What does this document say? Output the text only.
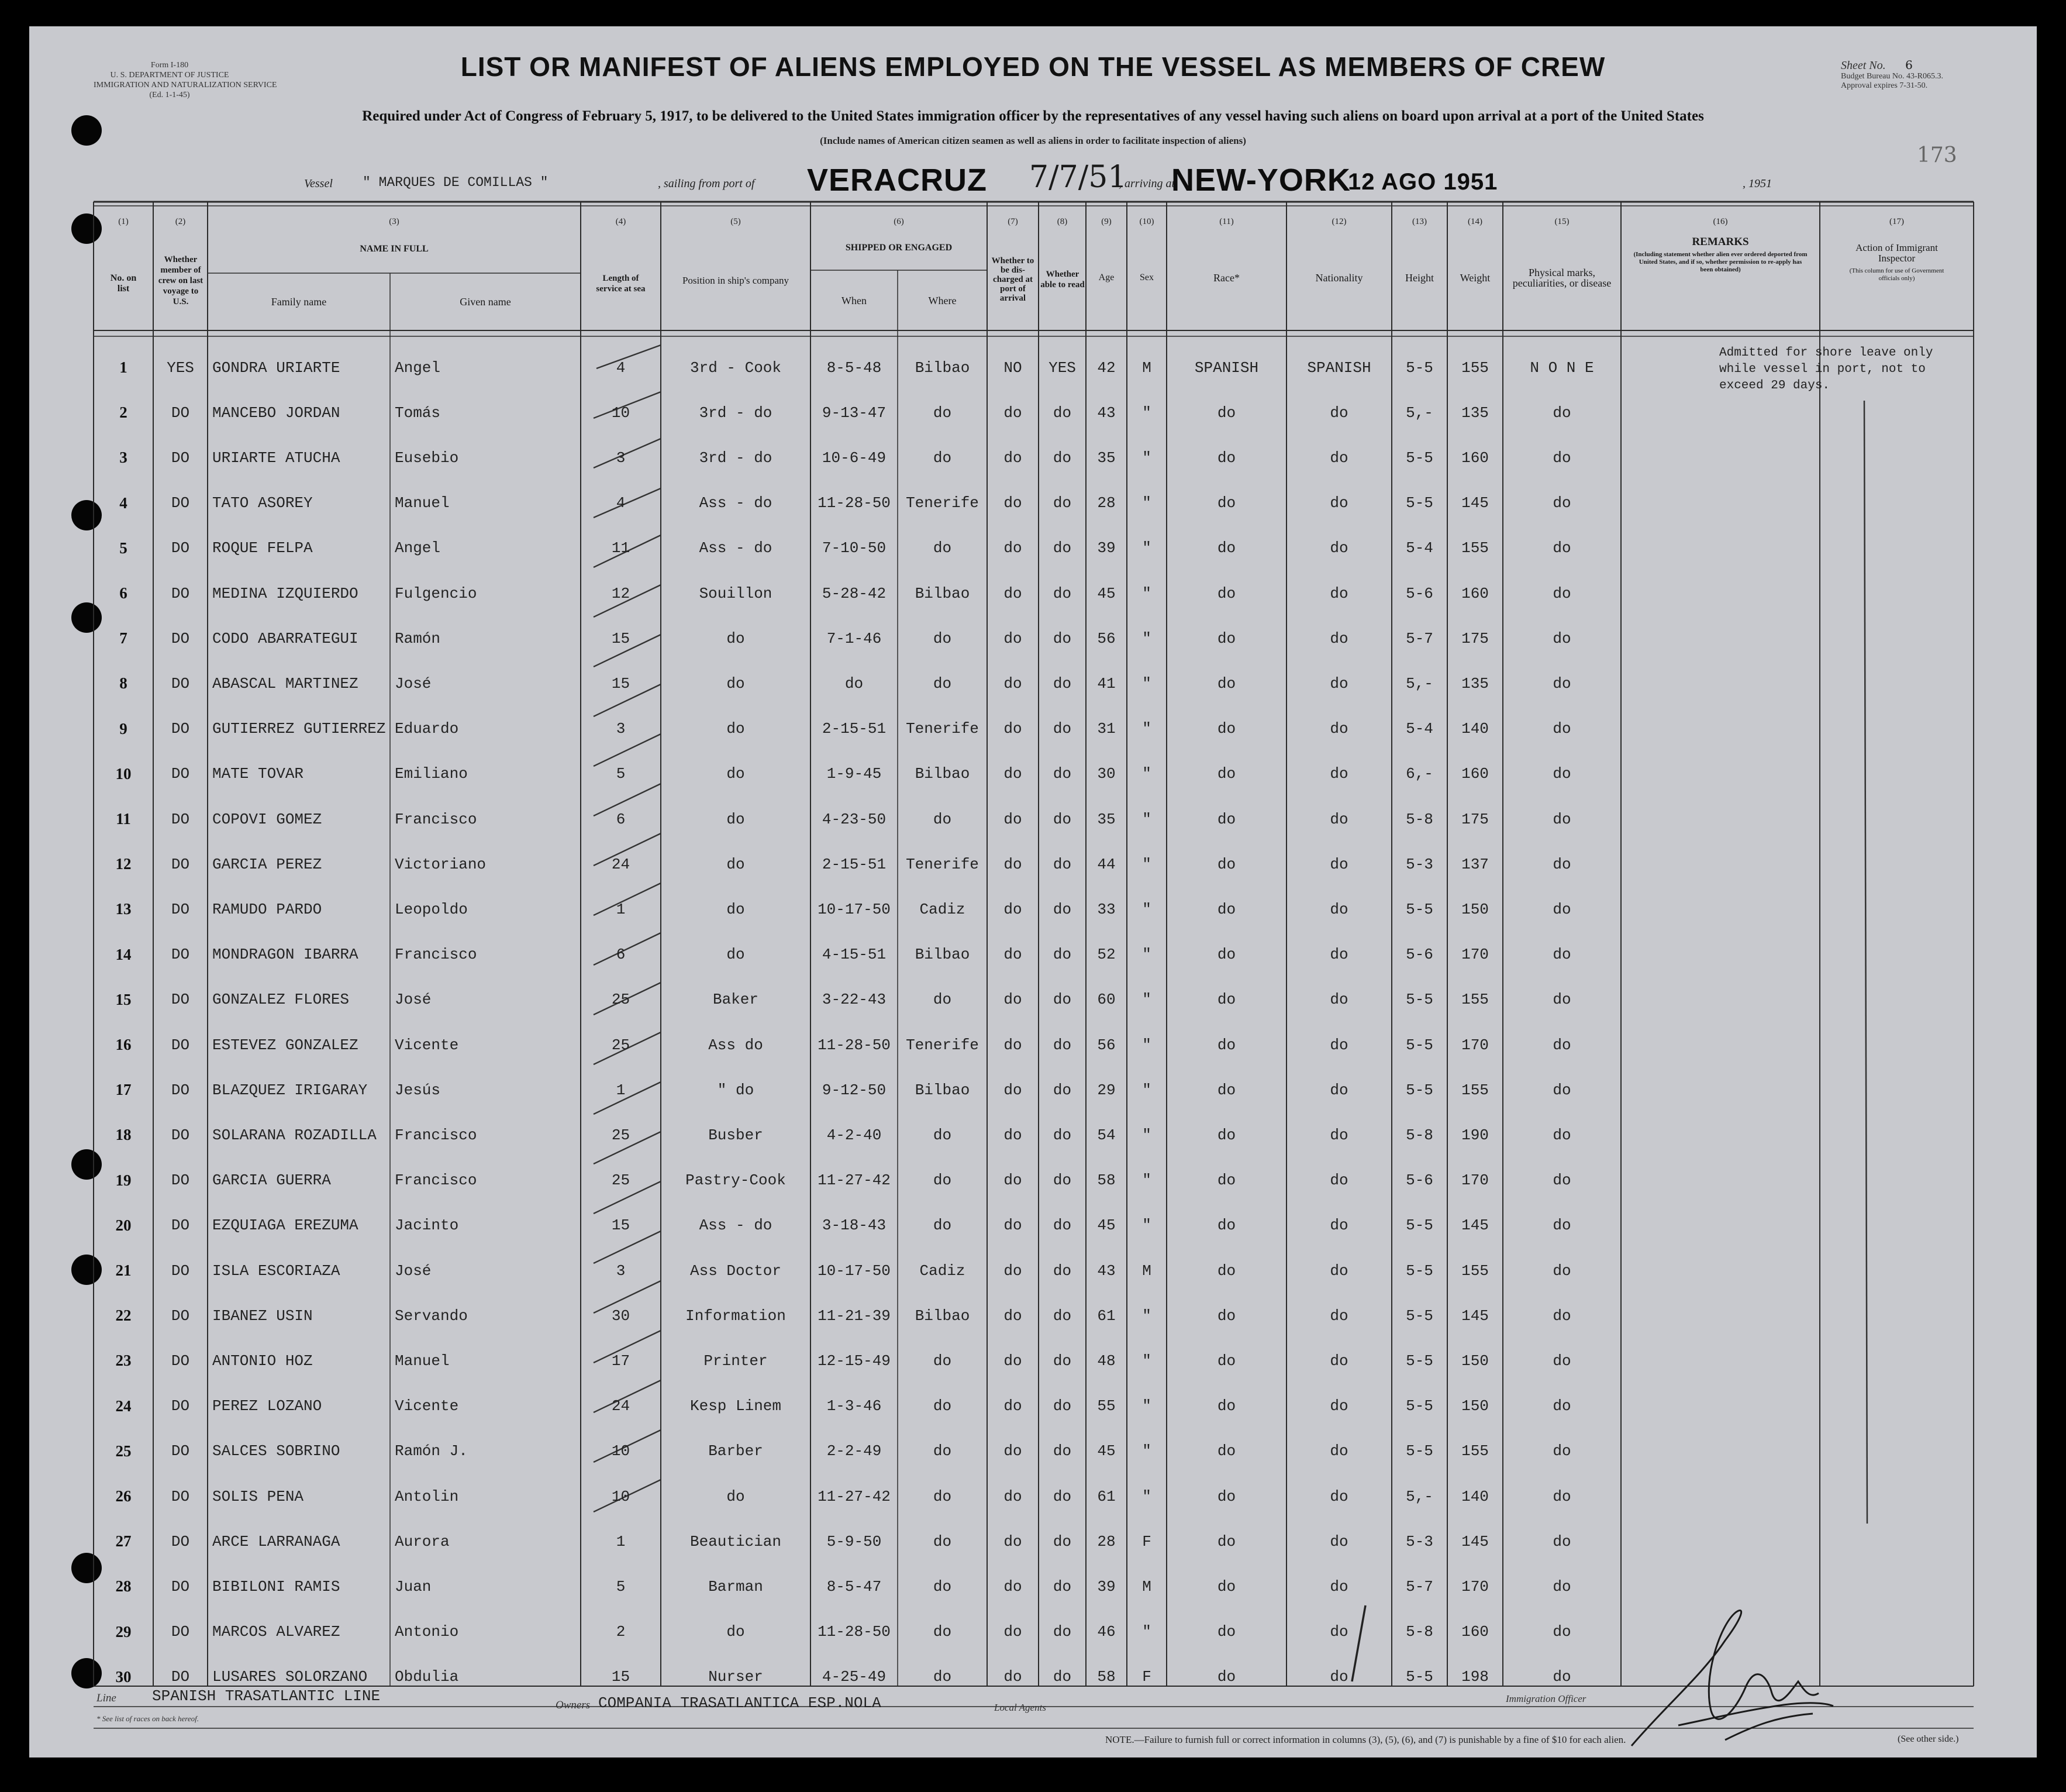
Form I-180
U. S. DEPARTMENT OF JUSTICE
IMMIGRATION AND NATURALIZATION SERVICE
(Ed. 1-1-45)
Sheet No. 6
Budget Bureau No. 43-R065.3.
Approval expires 7-31-50.
173
LIST OR MANIFEST OF ALIENS EMPLOYED ON THE VESSEL AS MEMBERS OF CREW
Required under Act of Congress of February 5, 1917, to be delivered to the United States immigration officer by the representatives of any vessel having such aliens on board upon arrival at a port of the United States
(Include names of American citizen seamen as well as aliens in order to facilitate inspection of aliens)
Vessel " MARQUES DE COMILLAS "	, sailing from port of VERACRUZ 7/7/51
, arriving at
NEW-YORK
12 AGO 1951	, 1951
(1)	(2)	(3)	(4)	(5)	(6)	(7)	(8)	(9)	(10)	(11)	(12)	(13)	(14)	(15)	(16)	(17)
No. on list
Whether member of crew on last voyage to U.S.
NAME IN FULL
Family name	Given name
Length of service at sea
Position in ship's company
SHIPPED OR ENGAGED
When	Where
Whether to be dis-charged at port of arrival
Whether able to read
Age	Sex	Race*	Nationality	Height	Weight	Physical marks, peculiarities, or disease
REMARKS
(Including statement whether alien ever ordered deported from United States, and if so, whether permission to re-apply has been obtained)
Action of Immigrant Inspector
(This column for use of Government officials only)
1	YES	GONDRA URIARTE	Angel	4	3rd - Cook	8-5-48	Bilbao	NO	YES	42	M	SPANISH	SPANISH	5-5	155	N O N E
2	DO	MANCEBO JORDAN	Tomás	10	3rd - do	9-13-47	do	do	do	43	"	do	do	5,-	135	do
3	DO	URIARTE ATUCHA	Eusebio	3	3rd - do	10-6-49	do	do	do	35	"	do	do	5-5	160	do
4	DO	TATO ASOREY	Manuel	4	Ass - do	11-28-50	Tenerife	do	do	28	"	do	do	5-5	145	do
5	DO	ROQUE FELPA	Angel	11	Ass - do	7-10-50	do	do	do	39	"	do	do	5-4	155	do
6	DO	MEDINA IZQUIERDO	Fulgencio	12	Souillon	5-28-42	Bilbao	do	do	45	"	do	do	5-6	160	do
7	DO	CODO ABARRATEGUI	Ramón	15	do	7-1-46	do	do	do	56	"	do	do	5-7	175	do
8	DO	ABASCAL MARTINEZ	José	15	do	do	do	do	do	41	"	do	do	5,-	135	do
9	DO	GUTIERREZ GUTIERREZ Eduardo	3	do	2-15-51	Tenerife	do	do	31	"	do	do	5-4	140	do
10	DO	MATE TOVAR	Emiliano	5	do	1-9-45	Bilbao	do	do	30	"	do	do	6,-	160	do
11	DO	COPOVI GOMEZ	Francisco	6	do	4-23-50	do	do	do	35	"	do	do	5-8	175	do
12	DO	GARCIA PEREZ	Victoriano	24	do	2-15-51	Tenerife	do	do	44	"	do	do	5-3	137	do
13	DO	RAMUDO PARDO	Leopoldo	1	do	10-17-50	Cadiz	do	do	33	"	do	do	5-5	150	do
14	DO	MONDRAGON IBARRA	Francisco	6	do	4-15-51	Bilbao	do	do	52	"	do	do	5-6	170	do
15	DO	GONZALEZ FLORES	José	25	Baker	3-22-43	do	do	do	60	"	do	do	5-5	155	do
16	DO	ESTEVEZ GONZALEZ	Vicente	25	Ass do	11-28-50	Tenerife	do	do	56	"	do	do	5-5	170	do
17	DO	BLAZQUEZ IRIGARAY	Jesús	1	" do	9-12-50	Bilbao	do	do	29	"	do	do	5-5	155	do
18	DO	SOLARANA ROZADILLA	Francisco	25	Busber	4-2-40	do	do	do	54	"	do	do	5-8	190	do
19	DO	GARCIA GUERRA	Francisco	25	Pastry-Cook	11-27-42	do	do	do	58	"	do	do	5-6	170	do
20	DO	EZQUIAGA EREZUMA	Jacinto	15	Ass - do	3-18-43	do	do	do	45	"	do	do	5-5	145	do
21	DO	ISLA ESCORIAZA	José	3	Ass Doctor	10-17-50	Cadiz	do	do	43	M	do	do	5-5	155	do
22	DO	IBANEZ USIN	Servando	30	Information	11-21-39	Bilbao	do	do	61	"	do	do	5-5	145	do
23	DO	ANTONIO HOZ	Manuel	17	Printer	12-15-49	do	do	do	48	"	do	do	5-5	150	do
24	DO	PEREZ LOZANO	Vicente	24	Kesp Linem	1-3-46	do	do	do	55	"	do	do	5-5	150	do
25	DO	SALCES SOBRINO	Ramón J.	10	Barber	2-2-49	do	do	do	45	"	do	do	5-5	155	do
26	DO	SOLIS PENA	Antolin	10	do	11-27-42	do	do	do	61	"	do	do	5,-	140	do
27	DO	ARCE LARRANAGA	Aurora	1	Beautician	5-9-50	do	do	do	28	F	do	do	5-3	145	do
28	DO	BIBILONI RAMIS	Juan	5	Barman	8-5-47	do	do	do	39	M	do	do	5-7	170	do
29	DO	MARCOS ALVAREZ	Antonio	2	do	11-28-50	do	do	do	46	"	do	do	5-8	160	do
30	DO	LUSARES SOLORZANO	Obdulia	15	Nurser	4-25-49	do	do	do	58	F	do	do	5-5	198	do
Admitted for shore leave only
while vessel in port, not to
exceed 29 days.
Line SPANISH TRASATLANTIC LINE
Owners COMPANIA TRASATLANTICA ESP.NOLA	Local Agents
Immigration Officer
* See list of races on back hereof.
NOTE.—Failure to furnish full or correct information in columns (3), (5), (6), and (7) is punishable by a fine of $10 for each alien.	(See other side.)
